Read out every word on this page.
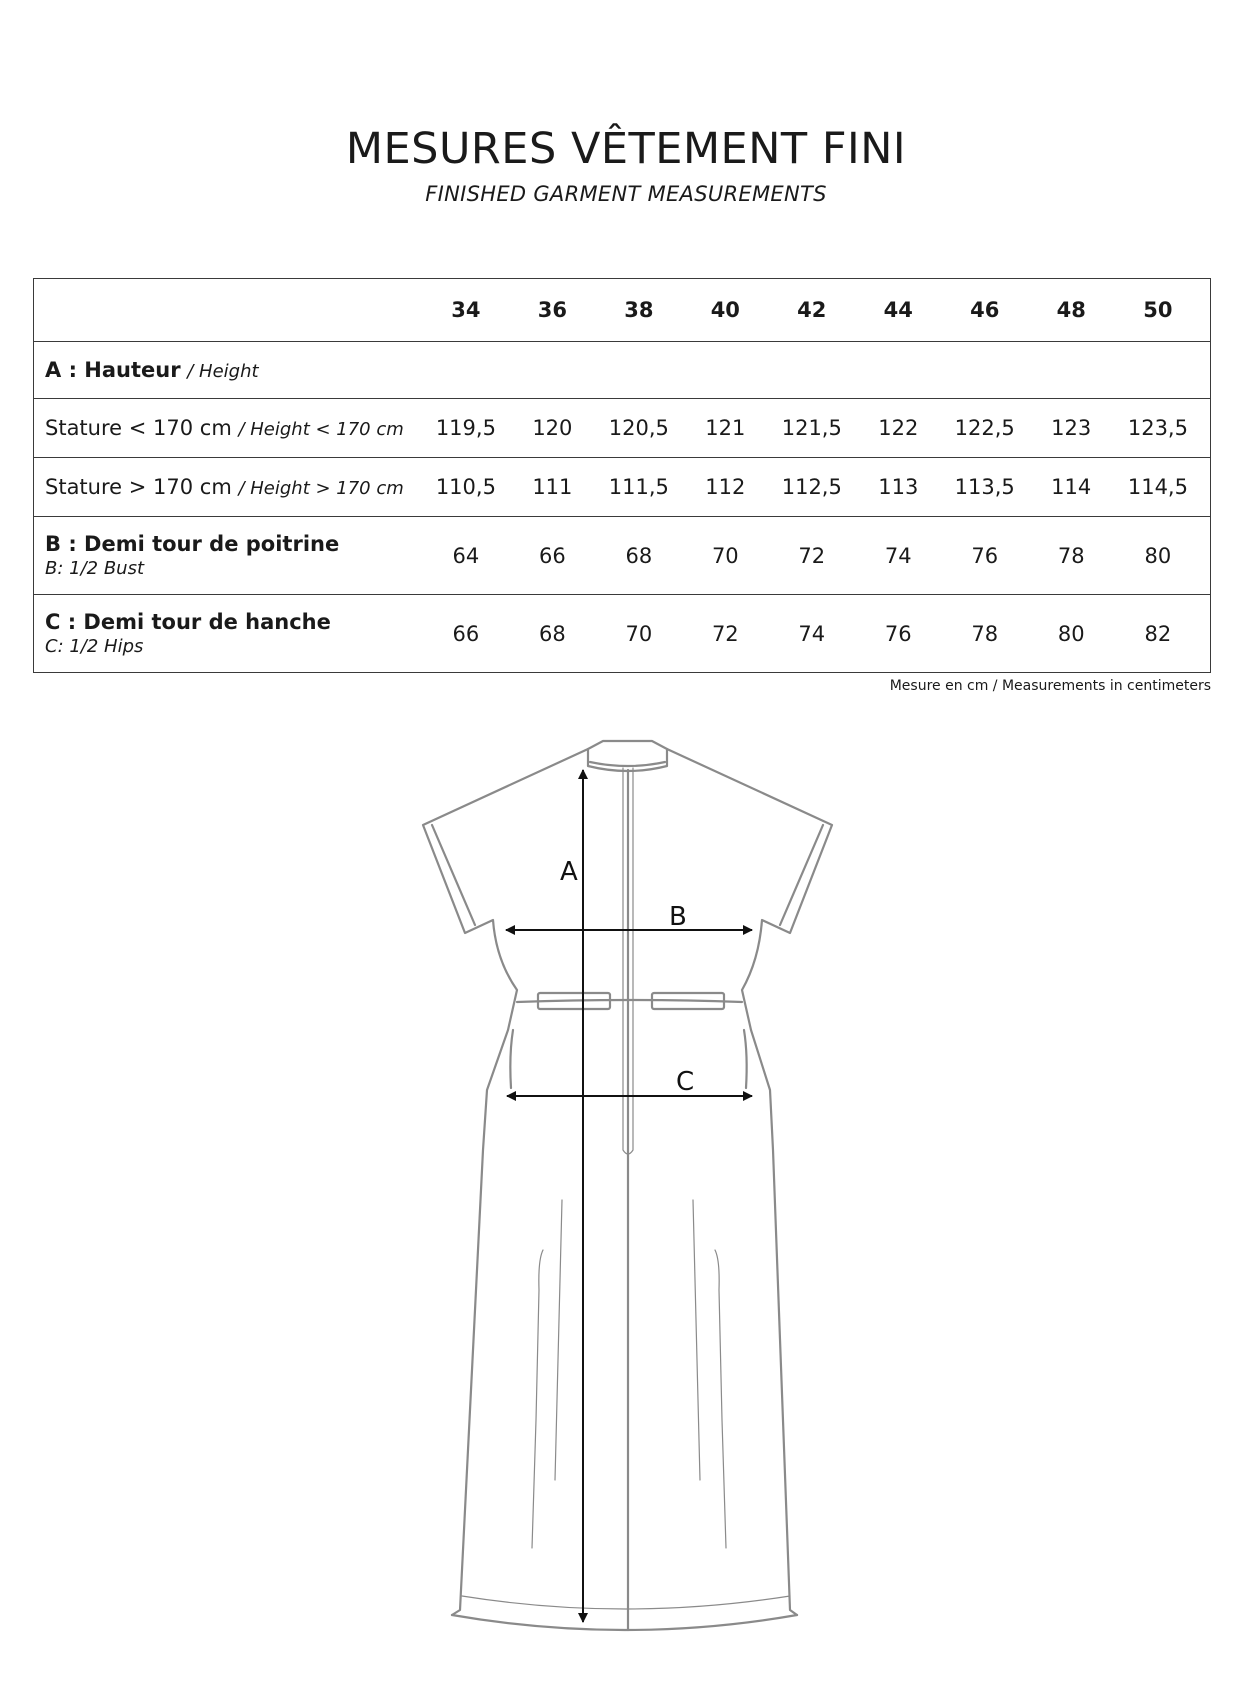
MESURES VÊTEMENT FINI
FINISHED GARMENT MEASUREMENTS
	34	36	38	40	42	44	46	48	50
A : Hauteur / Height									
Stature < 170 cm / Height < 170 cm	119,5	120	120,5	121	121,5	122	122,5	123	123,5
Stature > 170 cm / Height > 170 cm	110,5	111	111,5	112	112,5	113	113,5	114	114,5
B : Demi tour de poitrine
B: 1/2 Bust	64	66	68	70	72	74	76	78	80
C : Demi tour de hanche
C: 1/2 Hips	66	68	70	72	74	76	78	80	82
Mesure en cm / Measurements in centimeters
A
B
C
